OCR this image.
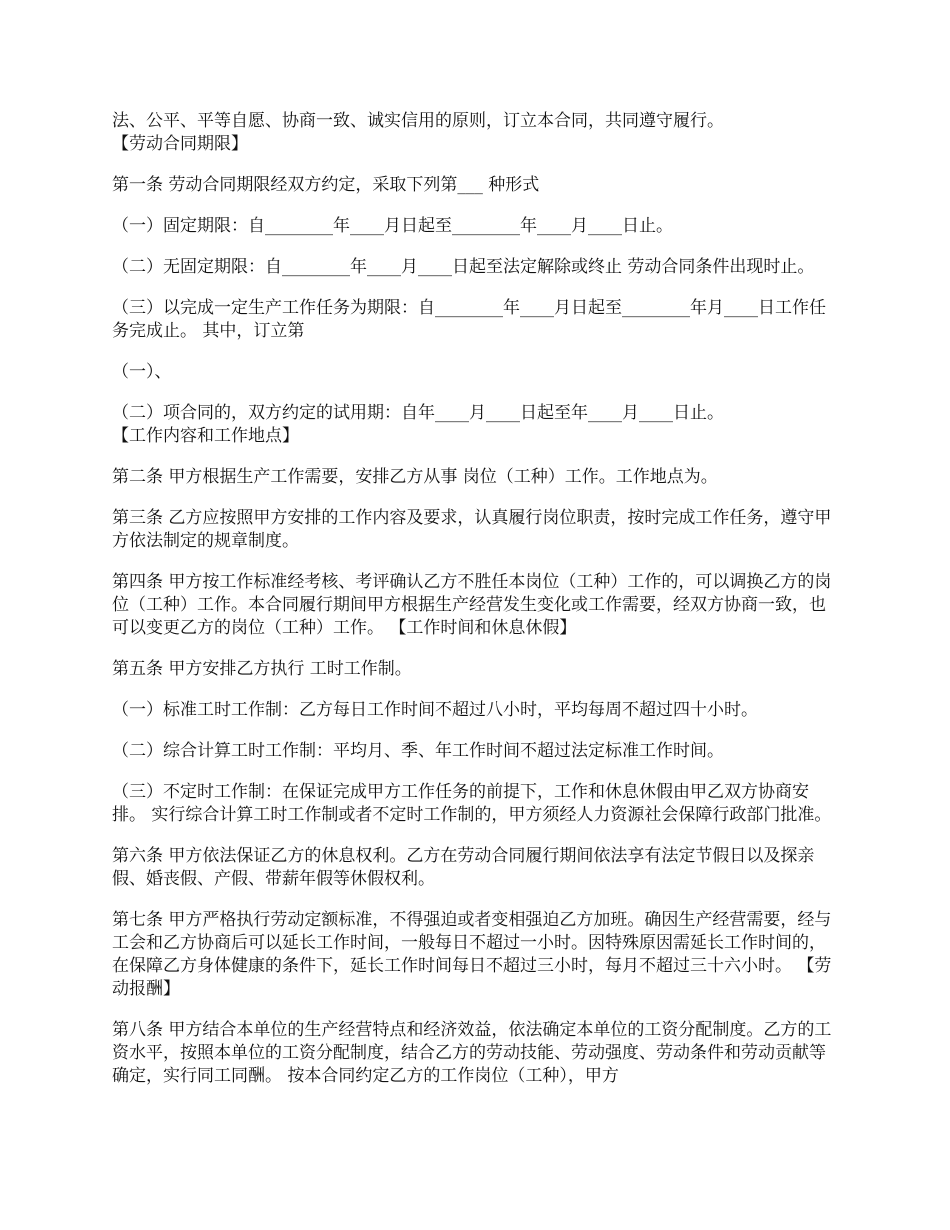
法、公平、平等自愿、协商一致、诚实信用的原则，订立本合同，共同遵守履行。

【劳动合同期限】

第一条 劳动合同期限经双方约定，采取下列第___ 种形式

（一）固定期限：自________年____月日起至________年____月____日止。

（二）无固定期限：自________年____月____日起至法定解除或终止 劳动合同条件出现时止。

（三）以完成一定生产工作任务为期限：自________年____月日起至________年月____日工作任务完成止。 其中，订立第

（一）、

（二）项合同的，双方约定的试用期：自年____月____日起至年____月____日止。

【工作内容和工作地点】

第二条 甲方根据生产工作需要，安排乙方从事 岗位（工种）工作。工作地点为。

第三条 乙方应按照甲方安排的工作内容及要求，认真履行岗位职责，按时完成工作任务，遵守甲方依法制定的规章制度。

第四条 甲方按工作标准经考核、考评确认乙方不胜任本岗位（工种）工作的，可以调换乙方的岗位（工种）工作。本合同履行期间甲方根据生产经营发生变化或工作需要，经双方协商一致，也可以变更乙方的岗位（工种）工作。 【工作时间和休息休假】

第五条 甲方安排乙方执行 工时工作制。

（一）标准工时工作制：乙方每日工作时间不超过八小时，平均每周不超过四十小时。

（二）综合计算工时工作制：平均月、季、年工作时间不超过法定标准工作时间。

（三）不定时工作制：在保证完成甲方工作任务的前提下，工作和休息休假由甲乙双方协商安排。 实行综合计算工时工作制或者不定时工作制的，甲方须经人力资源社会保障行政部门批准。

第六条 甲方依法保证乙方的休息权利。乙方在劳动合同履行期间依法享有法定节假日以及探亲假、婚丧假、产假、带薪年假等休假权利。

第七条 甲方严格执行劳动定额标准，不得强迫或者变相强迫乙方加班。确因生产经营需要，经与工会和乙方协商后可以延长工作时间，一般每日不超过一小时。因特殊原因需延长工作时间的，在保障乙方身体健康的条件下，延长工作时间每日不超过三小时，每月不超过三十六小时。 【劳动报酬】

第八条 甲方结合本单位的生产经营特点和经济效益，依法确定本单位的工资分配制度。乙方的工资水平，按照本单位的工资分配制度，结合乙方的劳动技能、劳动强度、劳动条件和劳动贡献等确定，实行同工同酬。 按本合同约定乙方的工作岗位（工种），甲方
